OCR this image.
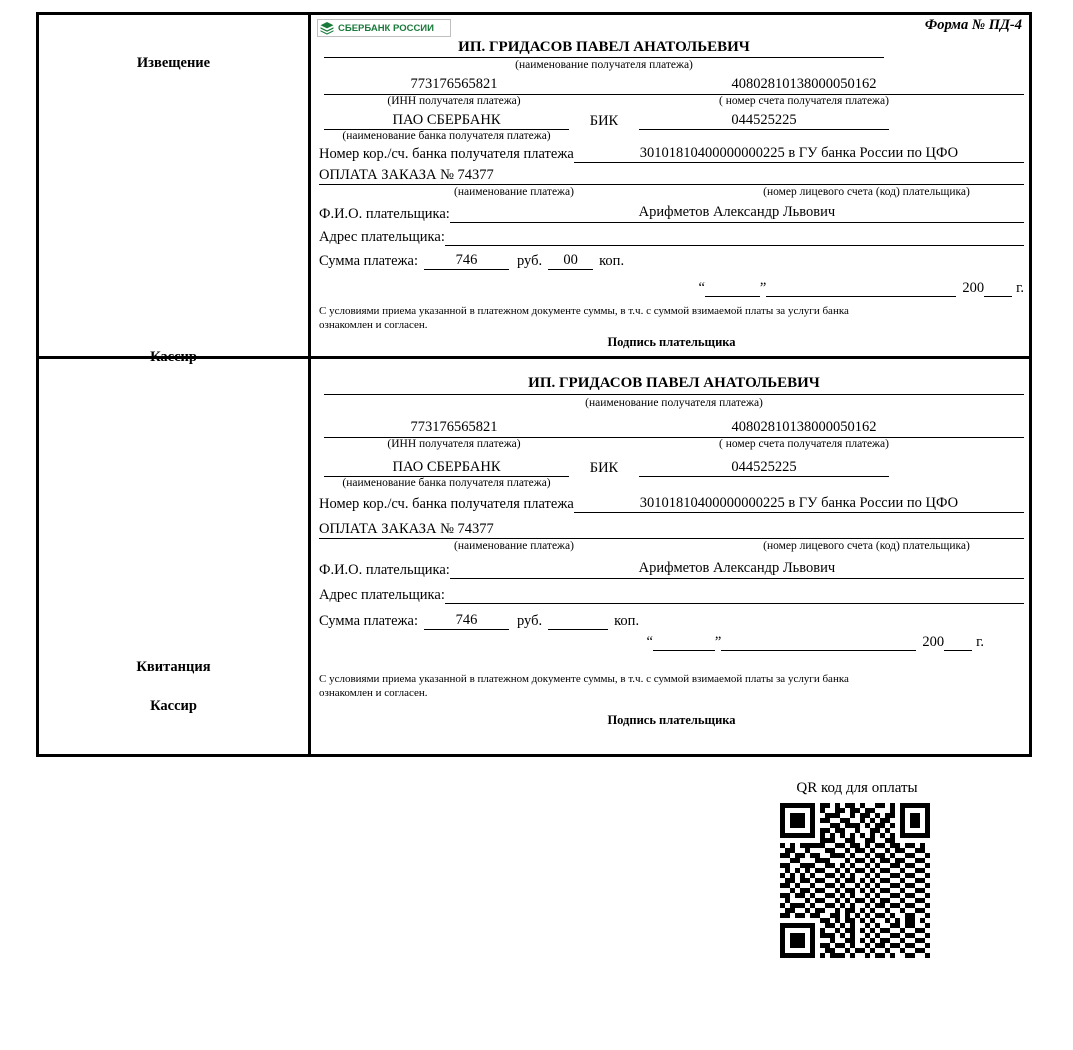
Извещение
Кассир
СБЕРБАНК РОССИИ	Форма № ПД-4
ИП. ГРИДАСОВ ПАВЕЛ АНАТОЛЬЕВИЧ
(наименование получателя платежа)
773176565821
(ИНН получателя платежа)
40802810138000050162
( номер счета получателя платежа)
ПАО СБЕРБАНК	БИК	044525225
(наименование банка получателя платежа)
Номер кор./сч. банка получателя платежа	30101810400000000225 в ГУ банка России по ЦФО
ОПЛАТА ЗАКАЗА № 74377
(наименование платежа)	(номер лицевого счета (код) плательщика)
Ф.И.О. плательщика:	Арифметов Александр Львович
Адрес плательщика:
Сумма платежа:	746	руб.	00	коп.
“	”	200 г.
С условиями приема указанной в платежном документе суммы, в т.ч. с суммой взимаемой платы за услуги банка
ознакомлен и согласен.
Подпись плательщика
Квитанция
Кассир
ИП. ГРИДАСОВ ПАВЕЛ АНАТОЛЬЕВИЧ
(наименование получателя платежа)
773176565821
(ИНН получателя платежа)
40802810138000050162
( номер счета получателя платежа)
ПАО СБЕРБАНК	БИК	044525225
(наименование банка получателя платежа)
Номер кор./сч. банка получателя платежа	30101810400000000225 в ГУ банка России по ЦФО
ОПЛАТА ЗАКАЗА № 74377
(наименование платежа)	(номер лицевого счета (код) плательщика)
Ф.И.О. плательщика:	Арифметов Александр Львович
Адрес плательщика:
Сумма платежа:	746	руб.	коп.
“	”	200 г.
С условиями приема указанной в платежном документе суммы, в т.ч. с суммой взимаемой платы за услуги банка
ознакомлен и согласен.
Подпись плательщика
QR код для оплаты
